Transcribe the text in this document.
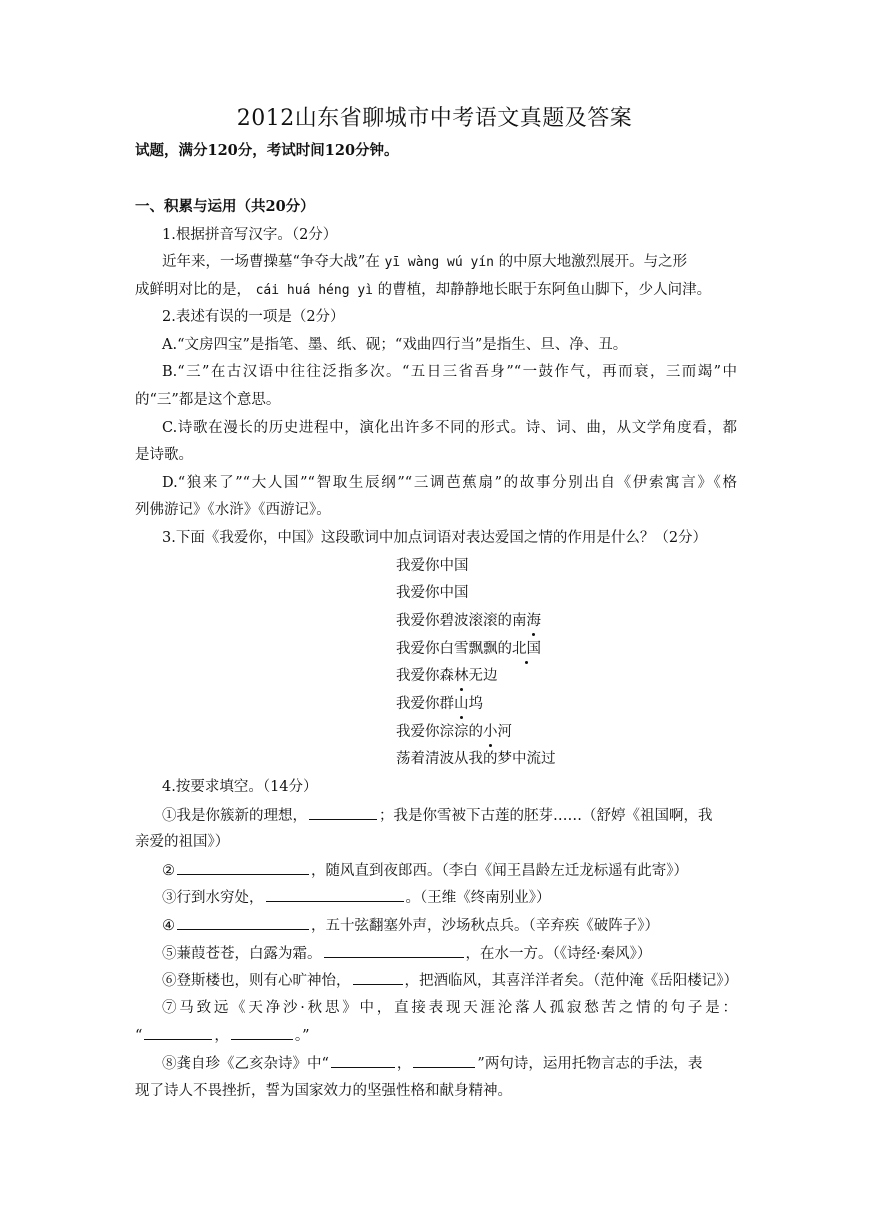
2012山东省聊城市中考语文真题及答案
试题，满分120分，考试时间120分钟。
一、积累与运用（共20分）
1.根据拼音写汉字。（2分）
近年来，一场曹操墓“争夺大战”在 yī wàng wú yín 的中原大地激烈展开。与之形
成鲜明对比的是， cái huá héng yì 的曹植，却静静地长眠于东阿鱼山脚下，少人问津。
2.表述有误的一项是（2分）
A.“文房四宝”是指笔、墨、纸、砚；“戏曲四行当”是指生、旦、净、丑。
B.“三”在古汉语中往往泛指多次。“五日三省吾身”“一鼓作气，再而衰，三而竭”中
的“三”都是这个意思。
C.诗歌在漫长的历史进程中，演化出许多不同的形式。诗、词、曲，从文学角度看，都
是诗歌。
D.“狼来了”“大人国”“智取生辰纲”“三调芭蕉扇”的故事分别出自《伊索寓言》《格
列佛游记》《水浒》《西游记》。
3.下面《我爱你，中国》这段歌词中加点词语对表达爱国之情的作用是什么？（2分）
我爱你中国
我爱你中国
我爱你碧波滚滚的南海
我爱你白雪飘飘的北国
我爱你森林无边
我爱你群山坞
我爱你淙淙的小河
荡着清波从我的梦中流过
4.按要求填空。（14分）
①我是你簇新的理想，	；我是你雪被下古莲的胚芽……（舒婷《祖国啊，我
亲爱的祖国》）
②	，随风直到夜郎西。（李白《闻王昌龄左迁龙标遥有此寄》）
③行到水穷处，	。（王维《终南别业》）
④	，五十弦翻塞外声，沙场秋点兵。（辛弃疾《破阵子》）
⑤蒹葭苍苍，白露为霜。	，在水一方。（《诗经·秦风》）
⑥登斯楼也，则有心旷神怡，	，把酒临风，其喜洋洋者矣。（范仲淹《岳阳楼记》）
⑦马致远《天净沙·秋思》中，直接表现天涯沦落人孤寂愁苦之情的句子是：
“	，	。”
⑧龚自珍《乙亥杂诗》中“	，	”两句诗，运用托物言志的手法，表
现了诗人不畏挫折，誓为国家效力的坚强性格和献身精神。
